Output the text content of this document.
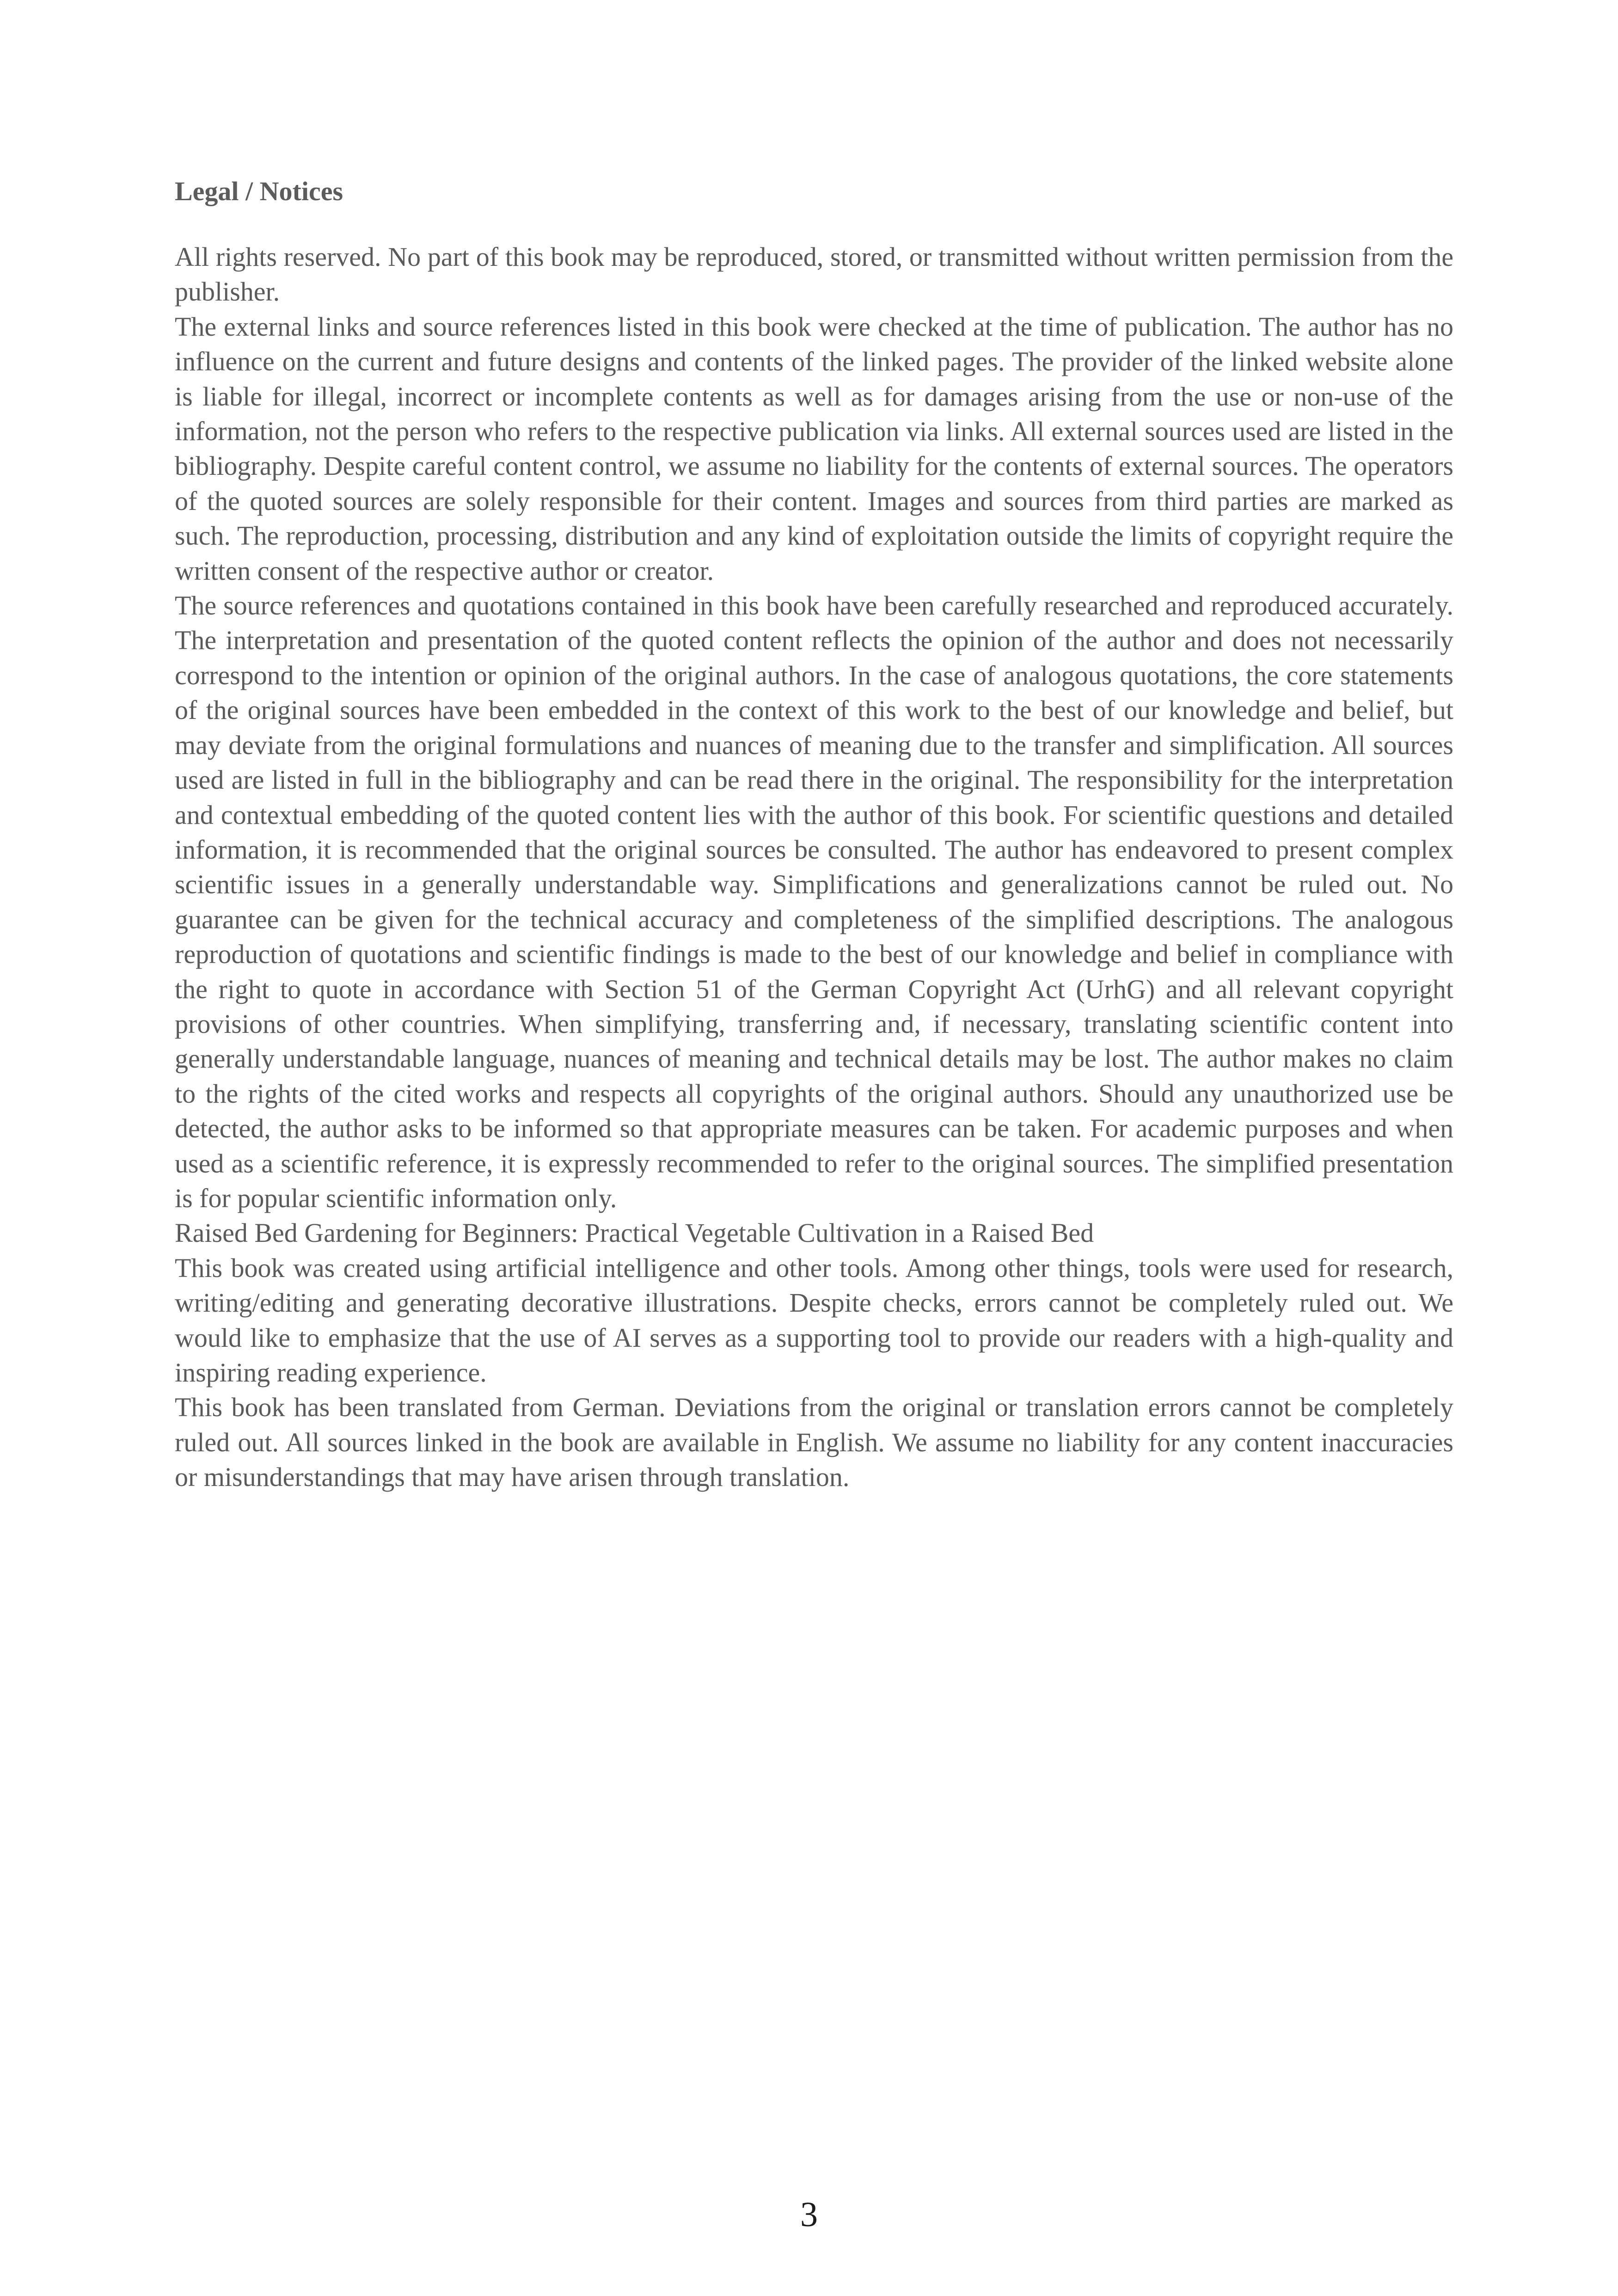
Legal / Notices

All rights reserved. No part of this book may be reproduced, stored, or transmitted without written permission from the publisher.

The external links and source references listed in this book were checked at the time of publication. The author has no influence on the current and future designs and contents of the linked pages. The provider of the linked website alone is liable for illegal, incorrect or incomplete contents as well as for damages arising from the use or non-use of the information, not the person who refers to the respective publication via links. All external sources used are listed in the bibliography. Despite careful content control, we assume no liability for the contents of external sources. The operators of the quoted sources are solely responsible for their content. Images and sources from third parties are marked as such. The reproduction, processing, distribution and any kind of exploitation outside the limits of copyright require the written consent of the respective author or creator.

The source references and quotations contained in this book have been carefully researched and reproduced accurately. The interpretation and presentation of the quoted content reflects the opinion of the author and does not necessarily correspond to the intention or opinion of the original authors. In the case of analogous quotations, the core statements of the original sources have been embedded in the context of this work to the best of our knowledge and belief, but may deviate from the original formulations and nuances of meaning due to the transfer and simplification. All sources used are listed in full in the bibliography and can be read there in the original. The responsibility for the interpretation and contextual embedding of the quoted content lies with the author of this book. For scientific questions and detailed information, it is recommended that the original sources be consulted. The author has endeavored to present complex scientific issues in a generally understandable way. Simplifications and generalizations cannot be ruled out. No guarantee can be given for the technical accuracy and completeness of the simplified descriptions. The analogous reproduction of quotations and scientific findings is made to the best of our knowledge and belief in compliance with the right to quote in accordance with Section 51 of the German Copyright Act (UrhG) and all relevant copyright provisions of other countries. When simplifying, transferring and, if necessary, translating scientific content into generally understandable language, nuances of meaning and technical details may be lost. The author makes no claim to the rights of the cited works and respects all copyrights of the original authors. Should any unauthorized use be detected, the author asks to be informed so that appropriate measures can be taken. For academic purposes and when used as a scientific reference, it is expressly recommended to refer to the original sources. The simplified presentation is for popular scientific information only.

Raised Bed Gardening for Beginners: Practical Vegetable Cultivation in a Raised Bed

This book was created using artificial intelligence and other tools. Among other things, tools were used for research, writing/editing and generating decorative illustrations. Despite checks, errors cannot be completely ruled out. We would like to emphasize that the use of AI serves as a supporting tool to provide our readers with a high-quality and inspiring reading experience.

This book has been translated from German. Deviations from the original or translation errors cannot be completely ruled out. All sources linked in the book are available in English. We assume no liability for any content inaccuracies or misunderstandings that may have arisen through translation.

3
